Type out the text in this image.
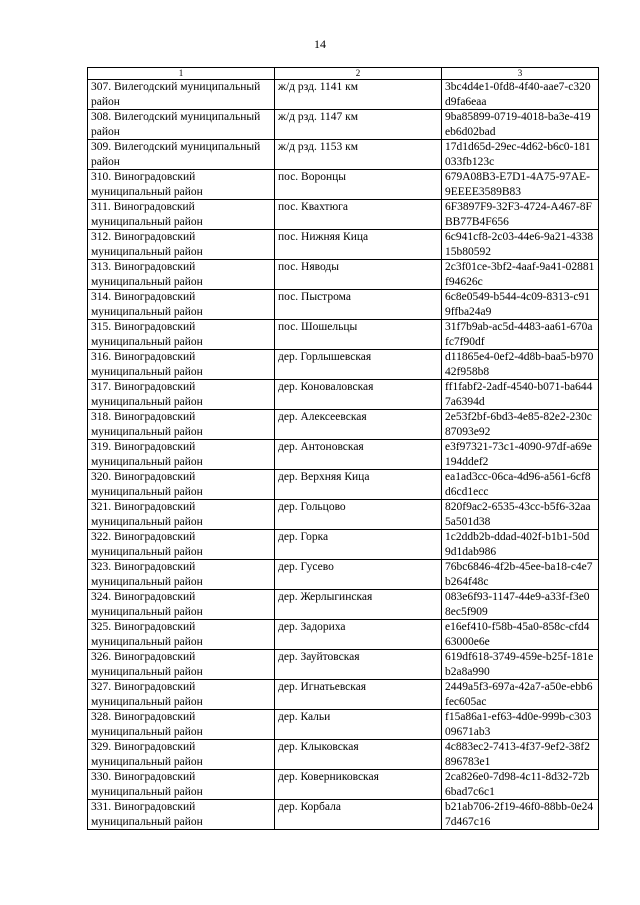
14
1	2	3
307. Вилегодский муниципальный район	ж/д рзд. 1141 км	3bc4d4e1-0fd8-4f40-aae7-c320d9fa6eaa
308. Вилегодский муниципальный район	ж/д рзд. 1147 км	9ba85899-0719-4018-ba3e-419eb6d02bad
309. Вилегодский муниципальный район	ж/д рзд. 1153 км	17d1d65d-29ec-4d62-b6c0-181033fb123c
310. Виноградовский муниципальный район	пос. Воронцы	679A08B3-E7D1-4A75-97AE-9EEEE3589B83
311. Виноградовский муниципальный район	пос. Квахтюга	6F3897F9-32F3-4724-A467-8FBB77B4F656
312. Виноградовский муниципальный район	пос. Нижняя Кица	6c941cf8-2c03-44e6-9a21-433815b80592
313. Виноградовский муниципальный район	пос. Няводы	2c3f01ce-3bf2-4aaf-9a41-02881f94626c
314. Виноградовский муниципальный район	пос. Пыстрома	6c8e0549-b544-4c09-8313-c919ffba24a9
315. Виноградовский муниципальный район	пос. Шошельцы	31f7b9ab-ac5d-4483-aa61-670afc7f90df
316. Виноградовский муниципальный район	дер. Горлышевская	d11865e4-0ef2-4d8b-baa5-b97042f958b8
317. Виноградовский муниципальный район	дер. Коноваловская	ff1fabf2-2adf-4540-b071-ba6447a6394d
318. Виноградовский муниципальный район	дер. Алексеевская	2e53f2bf-6bd3-4e85-82e2-230c87093e92
319. Виноградовский муниципальный район	дер. Антоновская	e3f97321-73c1-4090-97df-a69e194ddef2
320. Виноградовский муниципальный район	дер. Верхняя Кица	ea1ad3cc-06ca-4d96-a561-6cf8d6cd1ecc
321. Виноградовский муниципальный район	дер. Гольцово	820f9ac2-6535-43cc-b5f6-32aa5a501d38
322. Виноградовский муниципальный район	дер. Горка	1c2ddb2b-ddad-402f-b1b1-50d9d1dab986
323. Виноградовский муниципальный район	дер. Гусево	76bc6846-4f2b-45ee-ba18-c4e7b264f48c
324. Виноградовский муниципальный район	дер. Жерлыгинская	083e6f93-1147-44e9-a33f-f3e08ec5f909
325. Виноградовский муниципальный район	дер. Задориха	e16ef410-f58b-45a0-858c-cfd463000e6e
326. Виноградовский муниципальный район	дер. Зауйтовская	619df618-3749-459e-b25f-181eb2a8a990
327. Виноградовский муниципальный район	дер. Игнатьевская	2449a5f3-697a-42a7-a50e-ebb6fec605ac
328. Виноградовский муниципальный район	дер. Кальи	f15a86a1-ef63-4d0e-999b-c30309671ab3
329. Виноградовский муниципальный район	дер. Клыковская	4c883ec2-7413-4f37-9ef2-38f2896783e1
330. Виноградовский муниципальный район	дер. Коверниковская	2ca826e0-7d98-4c11-8d32-72b6bad7c6c1
331. Виноградовский муниципальный район	дер. Корбала	b21ab706-2f19-46f0-88bb-0e247d467c16
